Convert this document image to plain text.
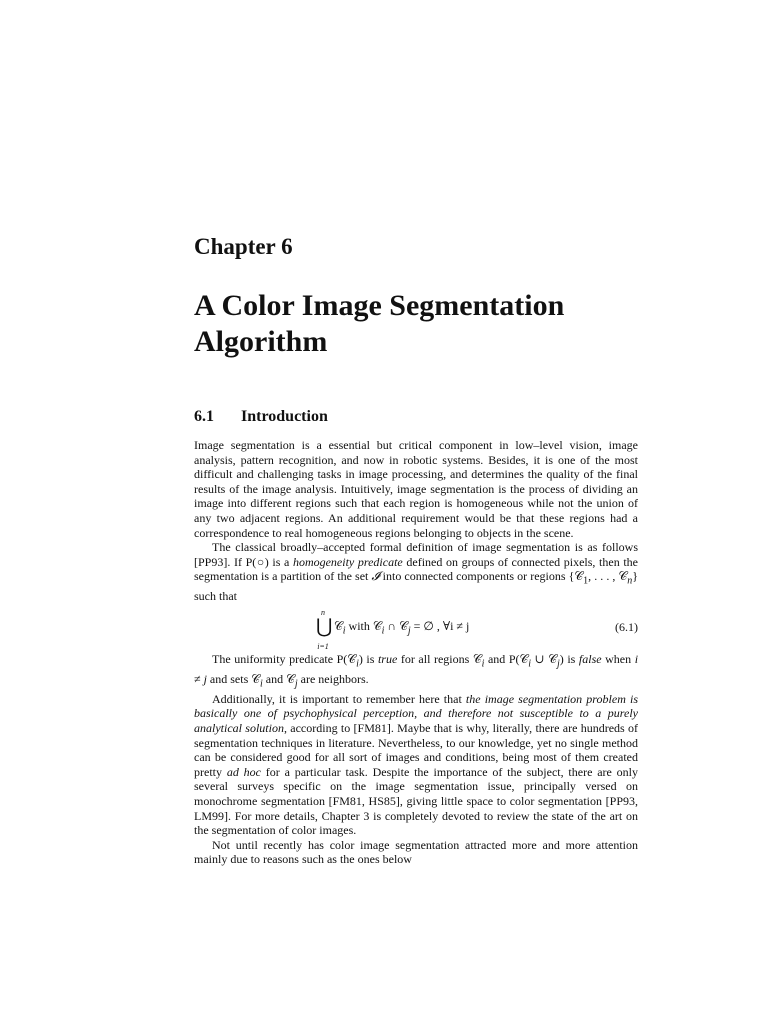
Chapter 6
A Color Image Segmentation Algorithm
6.1 Introduction

Image segmentation is a essential but critical component in low–level vision, image analysis, pattern recognition, and now in robotic systems. Besides, it is one of the most difficult and challenging tasks in image processing, and determines the quality of the final results of the image analysis. Intuitively, image segmentation is the process of dividing an image into different regions such that each region is homogeneous while not the union of any two adjacent regions. An additional requirement would be that these regions had a correspondence to real homogeneous regions belonging to objects in the scene.

The classical broadly–accepted formal definition of image segmentation is as follows [PP93]. If P(○) is a homogeneity predicate defined on groups of connected pixels, then the segmentation is a partition of the set 𝓘 into connected components or regions {𝒞$_1$, . . . , 𝒞$_n$} such that

n
⋃
i=1
𝒞$_i$ with 𝒞$_i$ ∩ 𝒞$_j$ = ∅ , ∀i ≠ j	(6.1)

The uniformity predicate P(𝒞$_i$) is true for all regions 𝒞$_i$ and P(𝒞$_i$ ∪ 𝒞$_j$) is false when i ≠ j and sets 𝒞$_i$ and 𝒞$_j$ are neighbors.

Additionally, it is important to remember here that the image segmentation problem is basically one of psychophysical perception, and therefore not susceptible to a purely analytical solution, according to [FM81]. Maybe that is why, literally, there are hundreds of segmentation techniques in literature. Nevertheless, to our knowledge, yet no single method can be considered good for all sort of images and conditions, being most of them created pretty ad hoc for a particular task. Despite the importance of the subject, there are only several surveys specific on the image segmentation issue, principally versed on monochrome segmentation [FM81, HS85], giving little space to color segmentation [PP93, LM99]. For more details, Chapter 3 is completely devoted to review the state of the art on the segmentation of color images.

Not until recently has color image segmentation attracted more and more attention mainly due to reasons such as the ones below
